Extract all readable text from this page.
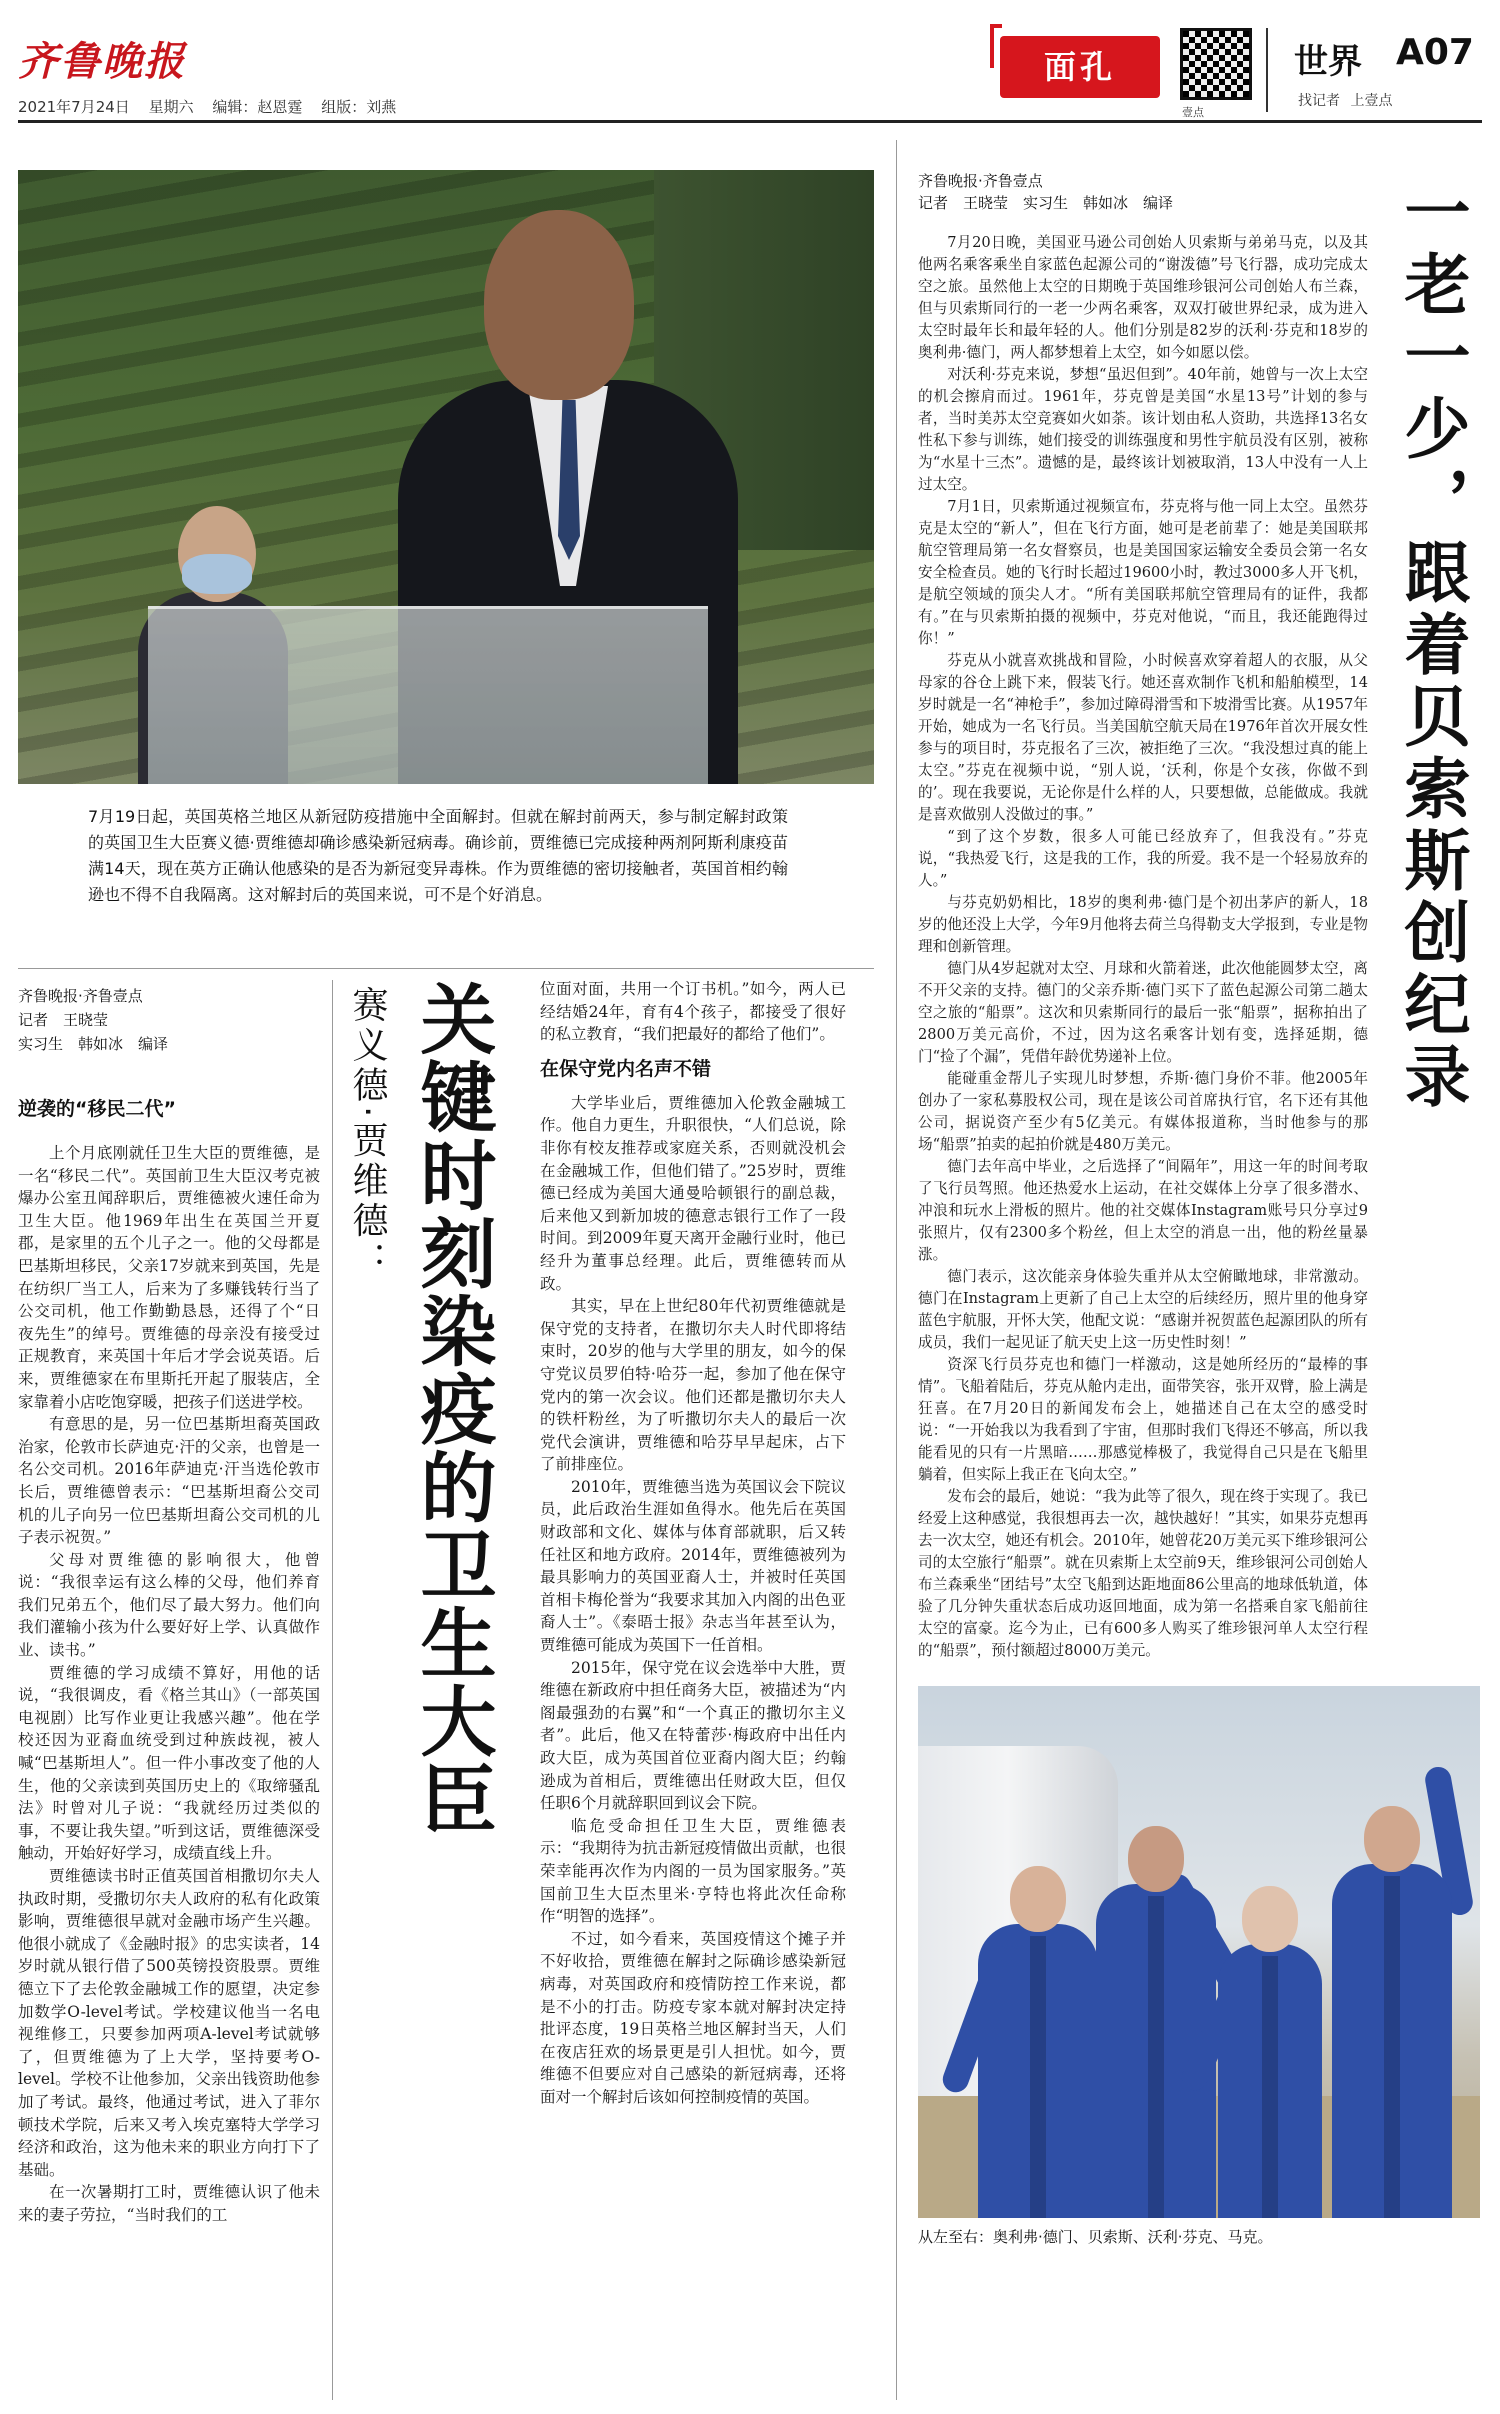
齐鲁晚报
2021年7月24日 星期六 编辑：赵恩霆 组版：刘燕
面孔
壹点
世界 A07
找记者 上壹点
7月19日起，英国英格兰地区从新冠防疫措施中全面解封。但就在解封前两天，参与制定解封政策的英国卫生大臣赛义德·贾维德却确诊感染新冠病毒。确诊前，贾维德已完成接种两剂阿斯利康疫苗满14天，现在英方正确认他感染的是否为新冠变异毒株。作为贾维德的密切接触者，英国首相约翰逊也不得不自我隔离。这对解封后的英国来说，可不是个好消息。
齐鲁晚报·齐鲁壹点
记者　王晓莹
实习生　韩如冰　编译
逆袭的“移民二代”

上个月底刚就任卫生大臣的贾维德，是一名“移民二代”。英国前卫生大臣汉考克被爆办公室丑闻辞职后，贾维德被火速任命为卫生大臣。他1969年出生在英国兰开夏郡，是家里的五个儿子之一。他的父母都是巴基斯坦移民，父亲17岁就来到英国，先是在纺织厂当工人，后来为了多赚钱转行当了公交司机，他工作勤勤恳恳，还得了个“日夜先生”的绰号。贾维德的母亲没有接受过正规教育，来英国十年后才学会说英语。后来，贾维德家在布里斯托开起了服装店，全家靠着小店吃饱穿暖，把孩子们送进学校。

有意思的是，另一位巴基斯坦裔英国政治家，伦敦市长萨迪克·汗的父亲，也曾是一名公交司机。2016年萨迪克·汗当选伦敦市长后，贾维德曾表示：“巴基斯坦裔公交司机的儿子向另一位巴基斯坦裔公交司机的儿子表示祝贺。”

父母对贾维德的影响很大，他曾说：“我很幸运有这么棒的父母，他们养育我们兄弟五个，他们尽了最大努力。他们向我们灌输小孩为什么要好好上学、认真做作业、读书。”

贾维德的学习成绩不算好，用他的话说，“我很调皮，看《格兰其山》（一部英国电视剧）比写作业更让我感兴趣”。他在学校还因为亚裔血统受到过种族歧视，被人喊“巴基斯坦人”。但一件小事改变了他的人生，他的父亲读到英国历史上的《取缔骚乱法》时曾对儿子说：“我就经历过类似的事，不要让我失望。”听到这话，贾维德深受触动，开始好好学习，成绩直线上升。

贾维德读书时正值英国首相撒切尔夫人执政时期，受撒切尔夫人政府的私有化政策影响，贾维德很早就对金融市场产生兴趣。他很小就成了《金融时报》的忠实读者，14岁时就从银行借了500英镑投资股票。贾维德立下了去伦敦金融城工作的愿望，决定参加数学O-level考试。学校建议他当一名电视维修工，只要参加两项A-level考试就够了，但贾维德为了上大学，坚持要考O-level。学校不让他参加，父亲出钱资助他参加了考试。最终，他通过考试，进入了菲尔顿技术学院，后来又考入埃克塞特大学学习经济和政治，这为他未来的职业方向打下了基础。

在一次暑期打工时，贾维德认识了他未来的妻子劳拉，“当时我们的工

赛义德·贾维德： 关键时刻染疫的卫生大臣	位面对面，共用一个订书机。”如今，两人已经结婚24年，育有4个孩子，都接受了很好的私立教育，“我们把最好的都给了他们”。

在保守党内名声不错

大学毕业后，贾维德加入伦敦金融城工作。他自力更生，升职很快，“人们总说，除非你有校友推荐或家庭关系，否则就没机会在金融城工作，但他们错了。”25岁时，贾维德已经成为美国大通曼哈顿银行的副总裁，后来他又到新加坡的德意志银行工作了一段时间。到2009年夏天离开金融行业时，他已经升为董事总经理。此后，贾维德转而从政。

其实，早在上世纪80年代初贾维德就是保守党的支持者，在撒切尔夫人时代即将结束时，20岁的他与大学里的朋友，如今的保守党议员罗伯特·哈芬一起，参加了他在保守党内的第一次会议。他们还都是撒切尔夫人的铁杆粉丝，为了听撒切尔夫人的最后一次党代会演讲，贾维德和哈芬早早起床，占下了前排座位。

2010年，贾维德当选为英国议会下院议员，此后政治生涯如鱼得水。他先后在英国财政部和文化、媒体与体育部就职，后又转任社区和地方政府。2014年，贾维德被列为最具影响力的英国亚裔人士，并被时任英国首相卡梅伦誉为“我要求其加入内阁的出色亚裔人士”。《泰晤士报》杂志当年甚至认为，贾维德可能成为英国下一任首相。

2015年，保守党在议会选举中大胜，贾维德在新政府中担任商务大臣，被描述为“内阁最强劲的右翼”和“一个真正的撒切尔主义者”。此后，他又在特蕾莎·梅政府中出任内政大臣，成为英国首位亚裔内阁大臣；约翰逊成为首相后，贾维德出任财政大臣，但仅任职6个月就辞职回到议会下院。

临危受命担任卫生大臣，贾维德表示：“我期待为抗击新冠疫情做出贡献，也很荣幸能再次作为内阁的一员为国家服务。”英国前卫生大臣杰里米·亨特也将此次任命称作“明智的选择”。

不过，如今看来，英国疫情这个摊子并不好收拾，贾维德在解封之际确诊感染新冠病毒，对英国政府和疫情防控工作来说，都是不小的打击。防疫专家本就对解封决定持批评态度，19日英格兰地区解封当天，人们在夜店狂欢的场景更是引人担忧。如今，贾维德不但要应对自己感染的新冠病毒，还将面对一个解封后该如何控制疫情的英国。

齐鲁晚报·齐鲁壹点
记者　王晓莹　实习生　韩如冰　编译	一老一少，跟着贝索斯创纪录

7月20日晚，美国亚马逊公司创始人贝索斯与弟弟马克，以及其他两名乘客乘坐自家蓝色起源公司的“谢泼德”号飞行器，成功完成太空之旅。虽然他上太空的日期晚于英国维珍银河公司创始人布兰森，但与贝索斯同行的一老一少两名乘客，双双打破世界纪录，成为进入太空时最年长和最年轻的人。他们分别是82岁的沃利·芬克和18岁的奥利弗·德门，两人都梦想着上太空，如今如愿以偿。

对沃利·芬克来说，梦想“虽迟但到”。40年前，她曾与一次上太空的机会擦肩而过。1961年，芬克曾是美国“水星13号”计划的参与者，当时美苏太空竞赛如火如荼。该计划由私人资助，共选择13名女性私下参与训练，她们接受的训练强度和男性宇航员没有区别，被称为“水星十三杰”。遗憾的是，最终该计划被取消，13人中没有一人上过太空。

7月1日，贝索斯通过视频宣布，芬克将与他一同上太空。虽然芬克是太空的“新人”，但在飞行方面，她可是老前辈了：她是美国联邦航空管理局第一名女督察员，也是美国国家运输安全委员会第一名女安全检查员。她的飞行时长超过19600小时，教过3000多人开飞机，是航空领域的顶尖人才。“所有美国联邦航空管理局有的证件，我都有。”在与贝索斯拍摄的视频中，芬克对他说，“而且，我还能跑得过你！”

芬克从小就喜欢挑战和冒险，小时候喜欢穿着超人的衣服，从父母家的谷仓上跳下来，假装飞行。她还喜欢制作飞机和船舶模型，14岁时就是一名“神枪手”，参加过障碍滑雪和下坡滑雪比赛。从1957年开始，她成为一名飞行员。当美国航空航天局在1976年首次开展女性参与的项目时，芬克报名了三次，被拒绝了三次。“我没想过真的能上太空。”芬克在视频中说，“别人说，‘沃利，你是个女孩，你做不到的’。现在我要说，无论你是什么样的人，只要想做，总能做成。我就是喜欢做别人没做过的事。”

“到了这个岁数，很多人可能已经放弃了，但我没有。”芬克说，“我热爱飞行，这是我的工作，我的所爱。我不是一个轻易放弃的人。”

与芬克奶奶相比，18岁的奥利弗·德门是个初出茅庐的新人，18岁的他还没上大学，今年9月他将去荷兰乌得勒支大学报到，专业是物理和创新管理。

德门从4岁起就对太空、月球和火箭着迷，此次他能圆梦太空，离不开父亲的支持。德门的父亲乔斯·德门买下了蓝色起源公司第二趟太空之旅的“船票”。这次和贝索斯同行的最后一张“船票”，据称拍出了2800万美元高价，不过，因为这名乘客计划有变，选择延期，德门“捡了个漏”，凭借年龄优势递补上位。

能碰重金帮儿子实现儿时梦想，乔斯·德门身价不菲。他2005年创办了一家私募股权公司，现在是该公司首席执行官，名下还有其他公司，据说资产至少有5亿美元。有媒体报道称，当时他参与的那场“船票”拍卖的起拍价就是480万美元。

德门去年高中毕业，之后选择了“间隔年”，用这一年的时间考取了飞行员驾照。他还热爱水上运动，在社交媒体上分享了很多潜水、冲浪和玩水上滑板的照片。他的社交媒体Instagram账号只分享过9张照片，仅有2300多个粉丝，但上太空的消息一出，他的粉丝量暴涨。

德门表示，这次能亲身体验失重并从太空俯瞰地球，非常激动。德门在Instagram上更新了自己上太空的后续经历，照片里的他身穿蓝色宇航服，开怀大笑，他配文说：“感谢并祝贺蓝色起源团队的所有成员，我们一起见证了航天史上这一历史性时刻！”

资深飞行员芬克也和德门一样激动，这是她所经历的“最棒的事情”。飞船着陆后，芬克从舱内走出，面带笑容，张开双臂，脸上满是狂喜。在7月20日的新闻发布会上，她描述自己在太空的感受时说：“一开始我以为我看到了宇宙，但那时我们飞得还不够高，所以我能看见的只有一片黑暗……那感觉棒极了，我觉得自己只是在飞船里躺着，但实际上我正在飞向太空。”

发布会的最后，她说：“我为此等了很久，现在终于实现了。我已经爱上这种感觉，我很想再去一次，越快越好！”其实，如果芬克想再去一次太空，她还有机会。2010年，她曾花20万美元买下维珍银河公司的太空旅行“船票”。就在贝索斯上太空前9天，维珍银河公司创始人布兰森乘坐“团结号”太空飞船到达距地面86公里高的地球低轨道，体验了几分钟失重状态后成功返回地面，成为第一名搭乘自家飞船前往太空的富豪。迄今为止，已有600多人购买了维珍银河单人太空行程的“船票”，预付额超过8000万美元。

从左至右：奥利弗·德门、贝索斯、沃利·芬克、马克。
